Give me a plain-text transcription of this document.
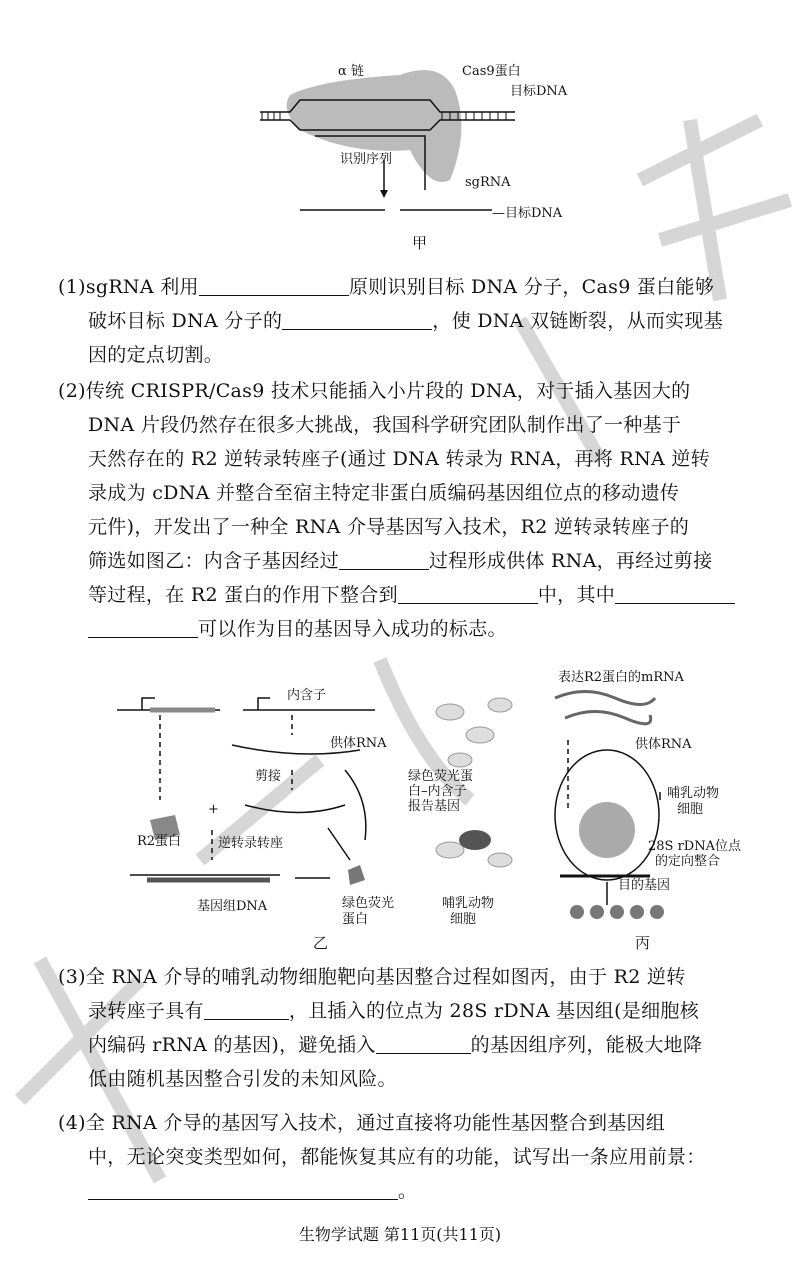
α 链	Cas9蛋白
目标DNA
识别序列
sgRNA
—目标DNA
甲
(1)sgRNA 利用	原则识别目标 DNA 分子，Cas9 蛋白能够
破坏目标 DNA 分子的	，使 DNA 双链断裂，从而实现基
因的定点切割。
(2)传统 CRISPR/Cas9 技术只能插入小片段的 DNA，对于插入基因大的
DNA 片段仍然存在很多大挑战，我国科学研究团队制作出了一种基于
天然存在的 R2 逆转录转座子(通过 DNA 转录为 RNA，再将 RNA 逆转
录成为 cDNA 并整合至宿主特定非蛋白质编码基因组位点的移动遗传
元件)，开发出了一种全 RNA 介导基因写入技术，R2 逆转录转座子的
筛选如图乙：内含子基因经过	过程形成供体 RNA，再经过剪接
等过程，在 R2 蛋白的作用下整合到	中，其中
可以作为目的基因导入成功的标志。
内含子
供体RNA
剪接
R2蛋白
+
逆转录转座
基因组DNA	绿色荧光
蛋白
绿色荧光蛋
白–内含子
报告基因
哺乳动物
细胞
乙
表达R2蛋白的mRNA
供体RNA
哺乳动物
细胞
28S rDNA位点
的定向整合
目的基因
丙
(3)全 RNA 介导的哺乳动物细胞靶向基因整合过程如图丙，由于 R2 逆转
录转座子具有	，且插入的位点为 28S rDNA 基因组(是细胞核
内编码 rRNA 的基因)，避免插入	的基因组序列，能极大地降
低由随机基因整合引发的未知风险。
(4)全 RNA 介导的基因写入技术，通过直接将功能性基因整合到基因组
中，无论突变类型如何，都能恢复其应有的功能，试写出一条应用前景：
。
生物学试题 第11页(共11页)
